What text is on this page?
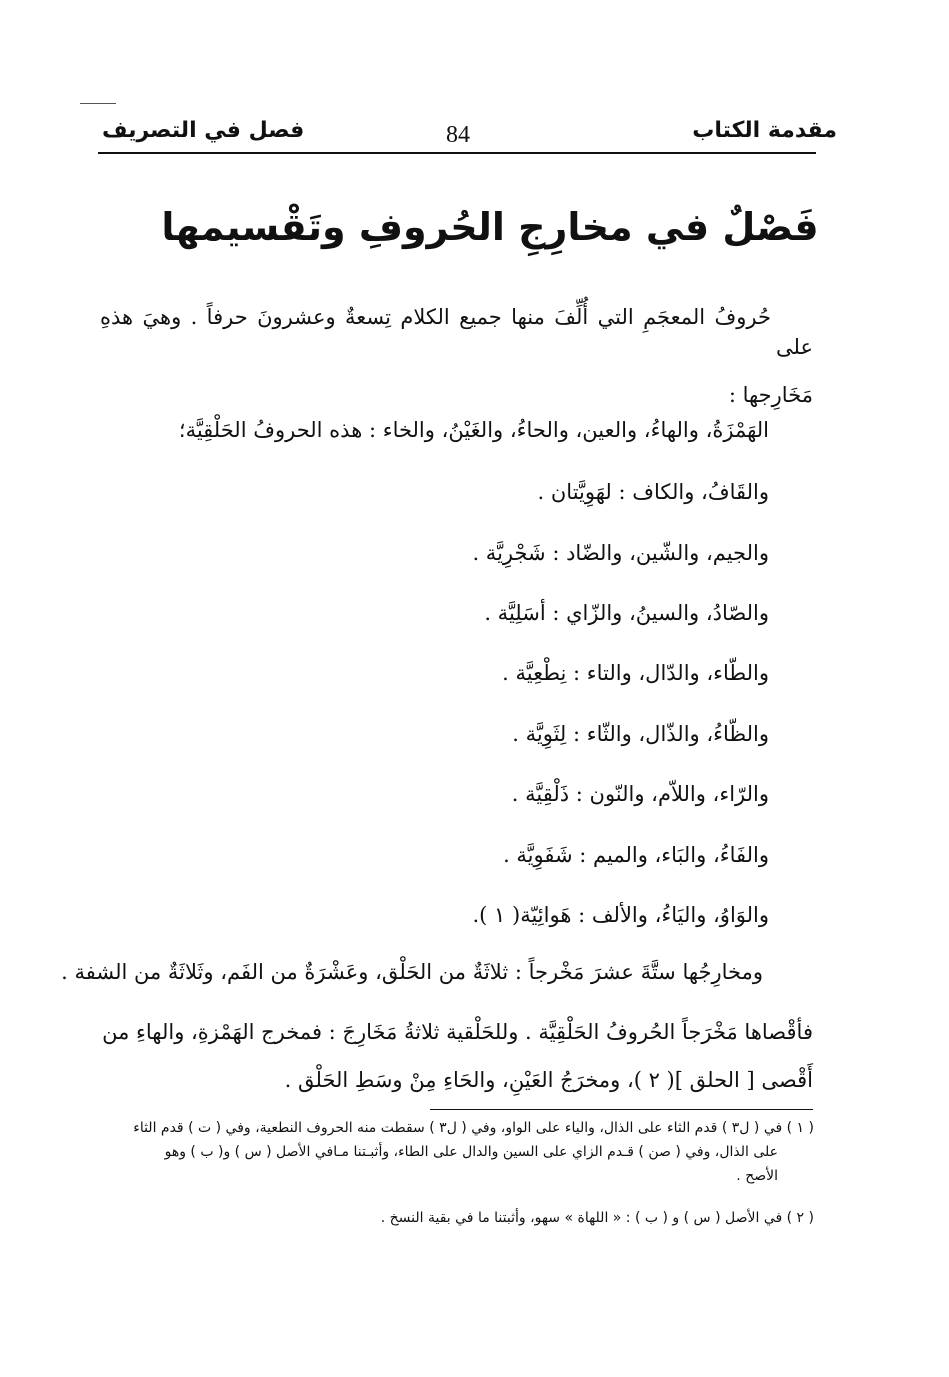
مقدمة الكتاب
84
فصل في التصريف
فَصْلٌ في مخارِجِ الحُروفِ وتَقْسيمها
حُروفُ المعجَمِ التي أُلِّفَ منها جميع الكلام تِسعةٌ وعشرونَ حرفاً . وهيَ هذهِ على
مَخَارِجها :
الهَمْزَةُ، والهاءُ، والعين، والحاءُ، والغَيْنُ، والخاء : هذه الحروفُ الحَلْقِيَّة؛
والقَافُ، والكاف : لهَوِيَّتان .
والجيم، والشّين، والضّاد : شَجْرِيَّة .
والصّادُ، والسينُ، والزّاي : أسَلِيَّة .
والطّاء، والدّال، والتاء : نِطْعِيَّة .
والظّاءُ، والذّال، والثّاء : لِثَوِيَّة .
والرّاء، واللاّم، والنّون : ذَلْقِيَّة .
والفَاءُ، والبَاء، والميم : شَفَوِيَّة .
والوَاوُ، واليَاءُ، والألف : هَوائِيّة( ١ ).
ومخارِجُها ستَّةَ عشرَ مَخْرجاً : ثلاثَةٌ من الحَلْق، وعَشْرَةٌ من الفَم، وثَلاثَةٌ من الشفة .
فأقْصاها مَخْرَجاً الحُروفُ الحَلْقِيَّة . وللحَلْقية ثلاثةُ مَخَارِجَ : فمخرج الهَمْزةِ، والهاءِ من
أَقْصى [ الحلق ]( ٢ )، ومخرَجُ العَيْنِ، والحَاءِ مِنْ وسَطِ الحَلْق .
( ١ ) في ( ل٣ ) قدم الثاء على الذال، والياء على الواو، وفي ( ل٣ ) سقطت منه الحروف النطعية، وفي ( ت ) قدم الثاء
على الذال، وفي ( صن ) قـدم الزاي على السين والدال على الطاء، وأثبـتنا مـافي الأصل ( س ) و( ب ) وهو
الأصح .
( ٢ ) في الأصل ( س ) و ( ب ) : « اللهاة » سهو، وأثبتنا ما في بقية النسخ .
